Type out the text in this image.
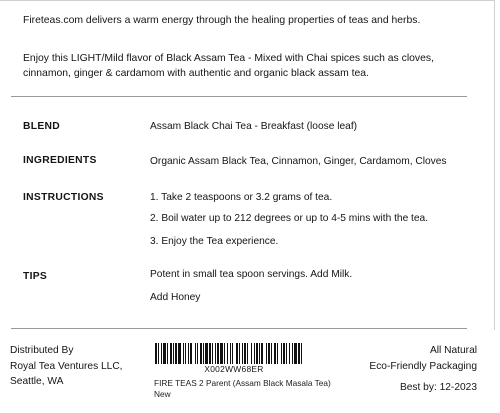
Fireteas.com delivers a warm energy through the healing properties of teas and herbs.

Enjoy this LIGHT/Mild flavor of Black Assam Tea - Mixed with Chai spices such as cloves, cinnamon, ginger & cardamom with authentic and organic black assam tea.

BLEND	Assam Black Chai Tea - Breakfast (loose leaf)
INGREDIENTS	Organic Assam Black Tea, Cinnamon, Ginger, Cardamom, Cloves
INSTRUCTIONS	1. Take 2 teaspoons or 3.2 grams of tea.
2. Boil water up to 212 degrees or up to 4-5 mins with the tea.
3. Enjoy the Tea experience.
TIPS	Potent in small tea spoon servings. Add Milk.
Add Honey
Distributed By
Royal Tea Ventures LLC,
Seattle, WA
X002WW68ER
FIRE TEAS 2 Parent (Assam Black Masala Tea)
New
All Natural
Eco-Friendly Packaging
Best by: 12-2023
